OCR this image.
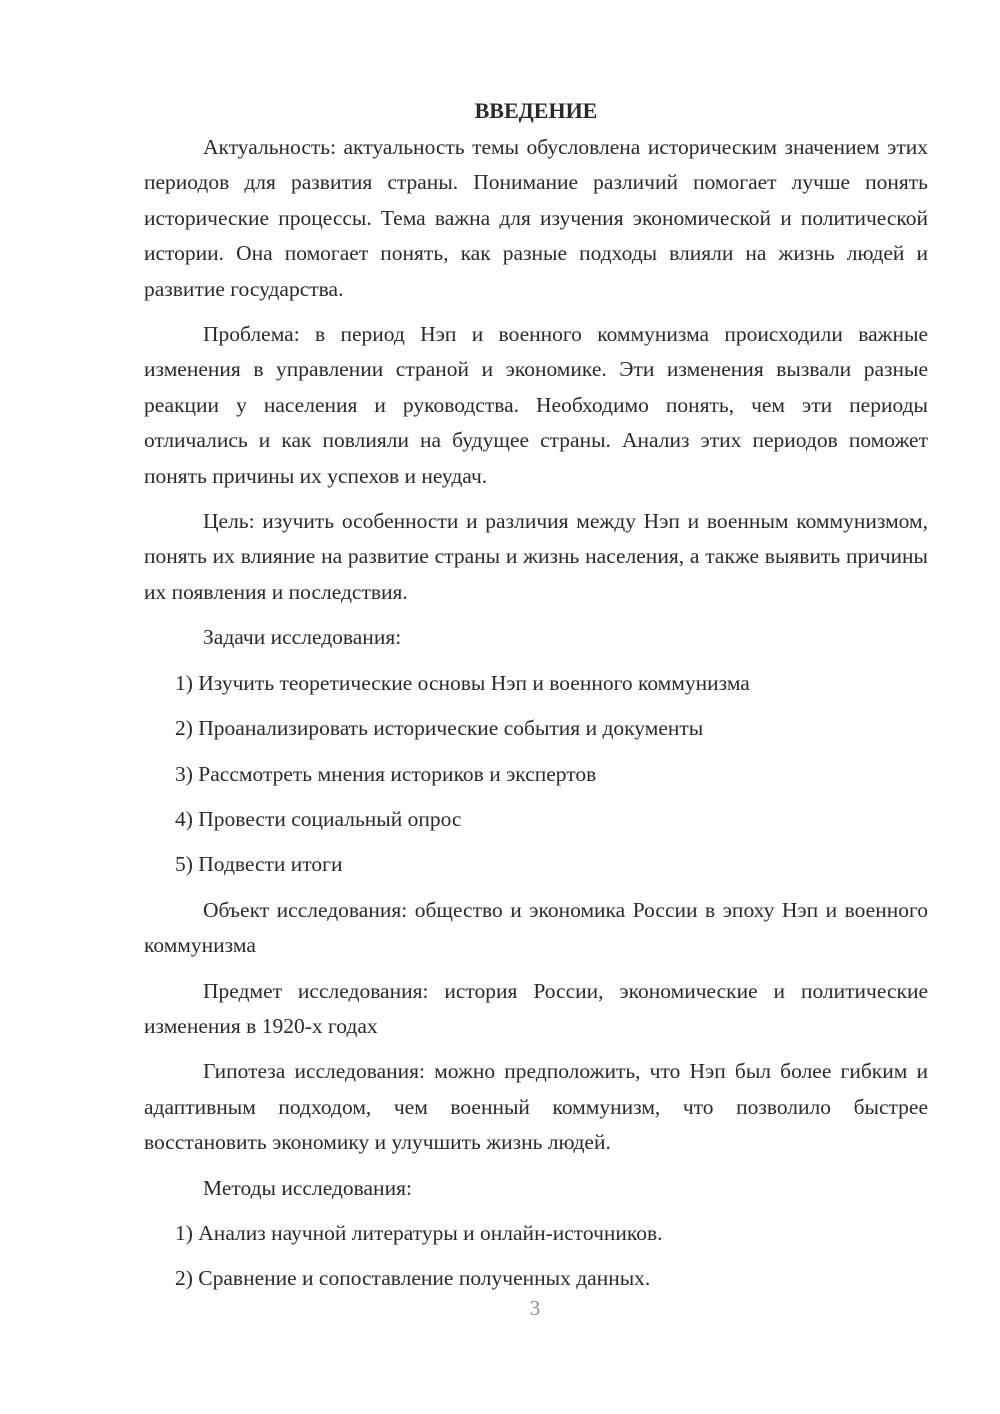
ВВЕДЕНИЕ

Актуальность: актуальность темы обусловлена историческим значением этих периодов для развития страны. Понимание различий помогает лучше понять исторические процессы. Тема важна для изучения экономической и политической истории. Она помогает понять, как разные подходы влияли на жизнь людей и развитие государства.

Проблема: в период Нэп и военного коммунизма происходили важные изменения в управлении страной и экономике. Эти изменения вызвали разные реакции у населения и руководства. Необходимо понять, чем эти периоды отличались и как повлияли на будущее страны. Анализ этих периодов поможет понять причины их успехов и неудач.

Цель: изучить особенности и различия между Нэп и военным коммунизмом, понять их влияние на развитие страны и жизнь населения, а также выявить причины их появления и последствия.

Задачи исследования:

1) Изучить теоретические основы Нэп и военного коммунизма

2) Проанализировать исторические события и документы

3) Рассмотреть мнения историков и экспертов

4) Провести социальный опрос

5) Подвести итоги

Объект исследования: общество и экономика России в эпоху Нэп и военного коммунизма

Предмет исследования: история России, экономические и политические изменения в 1920-х годах

Гипотеза исследования: можно предположить, что Нэп был более гибким и адаптивным подходом, чем военный коммунизм, что позволило быстрее восстановить экономику и улучшить жизнь людей.

Методы исследования:

1) Анализ научной литературы и онлайн-источников.

2) Сравнение и сопоставление полученных данных.

3
